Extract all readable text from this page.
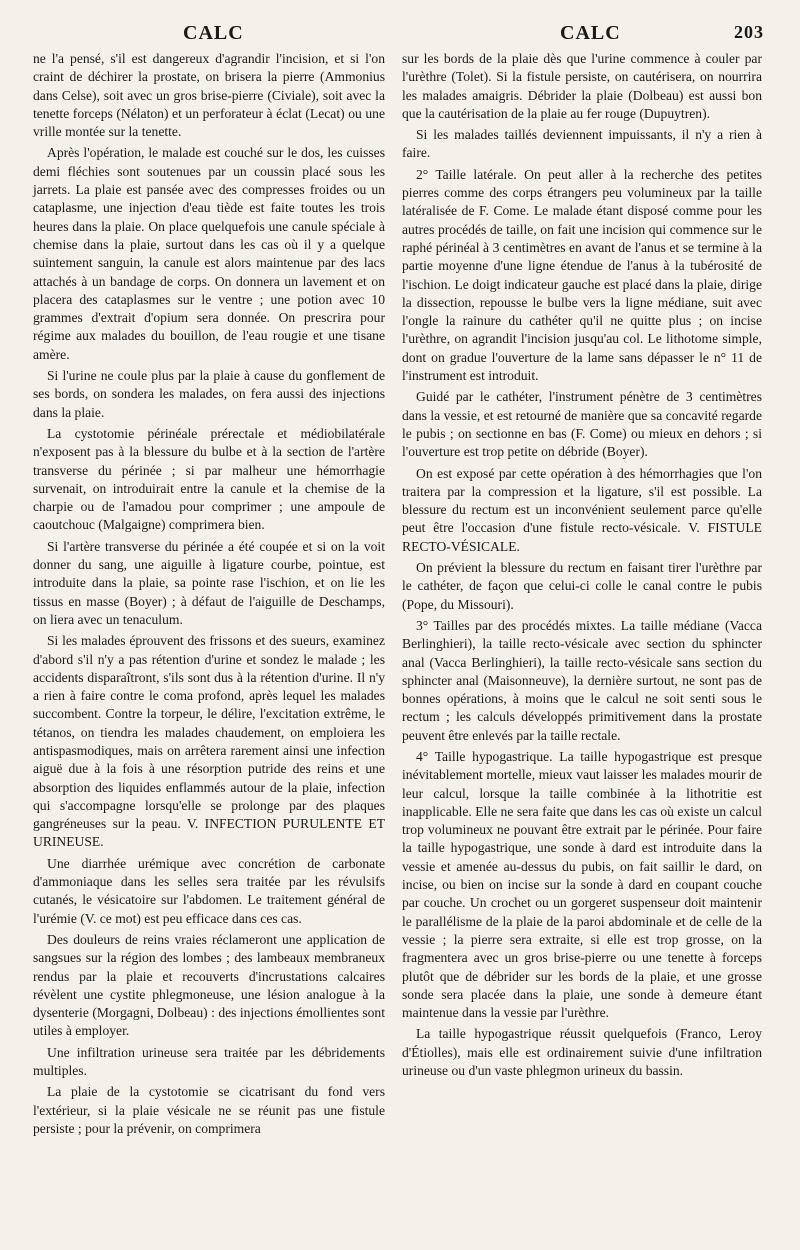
CALC	CALC	203

ne l'a pensé, s'il est dangereux d'agrandir l'incision, et si l'on craint de déchirer la prostate, on brisera la pierre (Ammonius dans Celse), soit avec un gros brise-pierre (Civiale), soit avec la tenette forceps (Nélaton) et un perforateur à éclat (Lecat) ou une vrille montée sur la tenette.

Après l'opération, le malade est couché sur le dos, les cuisses demi fléchies sont soutenues par un coussin placé sous les jarrets. La plaie est pansée avec des compresses froides ou un cataplasme, une injection d'eau tiède est faite toutes les trois heures dans la plaie. On place quelquefois une canule spéciale à chemise dans la plaie, surtout dans les cas où il y a quelque suintement sanguin, la canule est alors maintenue par des lacs attachés à un bandage de corps. On donnera un lavement et on placera des cataplasmes sur le ventre ; une potion avec 10 grammes d'extrait d'opium sera donnée. On prescrira pour régime aux malades du bouillon, de l'eau rougie et une tisane amère.

Si l'urine ne coule plus par la plaie à cause du gonflement de ses bords, on sondera les malades, on fera aussi des injections dans la plaie.

La cystotomie périnéale prérectale et médiobilatérale n'exposent pas à la blessure du bulbe et à la section de l'artère transverse du périnée ; si par malheur une hémorrhagie survenait, on introduirait entre la canule et la chemise de la charpie ou de l'amadou pour comprimer ; une ampoule de caoutchouc (Malgaigne) comprimera bien.

Si l'artère transverse du périnée a été coupée et si on la voit donner du sang, une aiguille à ligature courbe, pointue, est introduite dans la plaie, sa pointe rase l'ischion, et on lie les tissus en masse (Boyer) ; à défaut de l'aiguille de Deschamps, on liera avec un tenaculum.

Si les malades éprouvent des frissons et des sueurs, examinez d'abord s'il n'y a pas rétention d'urine et sondez le malade ; les accidents disparaîtront, s'ils sont dus à la rétention d'urine. Il n'y a rien à faire contre le coma profond, après lequel les malades succombent. Contre la torpeur, le délire, l'excitation extrême, le tétanos, on tiendra les malades chaudement, on emploiera les antispasmodiques, mais on arrêtera rarement ainsi une infection aiguë due à la fois à une résorption putride des reins et une absorption des liquides enflammés autour de la plaie, infection qui s'accompagne lorsqu'elle se prolonge par des plaques gangréneuses sur la peau. V. INFECTION PURULENTE ET URINEUSE.

Une diarrhée urémique avec concrétion de carbonate d'ammoniaque dans les selles sera traitée par les révulsifs cutanés, le vésicatoire sur l'abdomen. Le traitement général de l'urémie (V. ce mot) est peu efficace dans ces cas.

Des douleurs de reins vraies réclameront une application de sangsues sur la région des lombes ; des lambeaux membraneux rendus par la plaie et recouverts d'incrustations calcaires révèlent une cystite phlegmoneuse, une lésion analogue à la dysenterie (Morgagni, Dolbeau) : des injections émollientes sont utiles à employer.

Une infiltration urineuse sera traitée par les débridements multiples.

La plaie de la cystotomie se cicatrisant du fond vers l'extérieur, si la plaie vésicale ne se réunit pas une fistule persiste ; pour la prévenir, on comprimera

sur les bords de la plaie dès que l'urine commence à couler par l'urèthre (Tolet). Si la fistule persiste, on cautérisera, on nourrira les malades amaigris. Débrider la plaie (Dolbeau) est aussi bon que la cautérisation de la plaie au fer rouge (Dupuytren).

Si les malades taillés deviennent impuissants, il n'y a rien à faire.

2° Taille latérale. On peut aller à la recherche des petites pierres comme des corps étrangers peu volumineux par la taille latéralisée de F. Come. Le malade étant disposé comme pour les autres procédés de taille, on fait une incision qui commence sur le raphé périnéal à 3 centimètres en avant de l'anus et se termine à la partie moyenne d'une ligne étendue de l'anus à la tubérosité de l'ischion. Le doigt indicateur gauche est placé dans la plaie, dirige la dissection, repousse le bulbe vers la ligne médiane, suit avec l'ongle la rainure du cathéter qu'il ne quitte plus ; on incise l'urèthre, on agrandit l'incision jusqu'au col. Le lithotome simple, dont on gradue l'ouverture de la lame sans dépasser le n° 11 de l'instrument est introduit.

Guidé par le cathéter, l'instrument pénètre de 3 centimètres dans la vessie, et est retourné de manière que sa concavité regarde le pubis ; on sectionne en bas (F. Come) ou mieux en dehors ; si l'ouverture est trop petite on débride (Boyer).

On est exposé par cette opération à des hémorrhagies que l'on traitera par la compression et la ligature, s'il est possible. La blessure du rectum est un inconvénient seulement parce qu'elle peut être l'occasion d'une fistule recto-vésicale. V. FISTULE RECTO-VÉSICALE.

On prévient la blessure du rectum en faisant tirer l'urèthre par le cathéter, de façon que celui-ci colle le canal contre le pubis (Pope, du Missouri).

3° Tailles par des procédés mixtes. La taille médiane (Vacca Berlinghieri), la taille recto-vésicale avec section du sphincter anal (Vacca Berlinghieri), la taille recto-vésicale sans section du sphincter anal (Maisonneuve), la dernière surtout, ne sont pas de bonnes opérations, à moins que le calcul ne soit senti sous le rectum ; les calculs développés primitivement dans la prostate peuvent être enlevés par la taille rectale.

4° Taille hypogastrique. La taille hypogastrique est presque inévitablement mortelle, mieux vaut laisser les malades mourir de leur calcul, lorsque la taille combinée à la lithotritie est inapplicable. Elle ne sera faite que dans les cas où existe un calcul trop volumineux ne pouvant être extrait par le périnée. Pour faire la taille hypogastrique, une sonde à dard est introduite dans la vessie et amenée au-dessus du pubis, on fait saillir le dard, on incise, ou bien on incise sur la sonde à dard en coupant couche par couche. Un crochet ou un gorgeret suspenseur doit maintenir le parallélisme de la plaie de la paroi abdominale et de celle de la vessie ; la pierre sera extraite, si elle est trop grosse, on la fragmentera avec un gros brise-pierre ou une tenette à forceps plutôt que de débrider sur les bords de la plaie, et une grosse sonde sera placée dans la plaie, une sonde à demeure étant maintenue dans la vessie par l'urèthre.

La taille hypogastrique réussit quelquefois (Franco, Leroy d'Étiolles), mais elle est ordinairement suivie d'une infiltration urineuse ou d'un vaste phlegmon urineux du bassin.
